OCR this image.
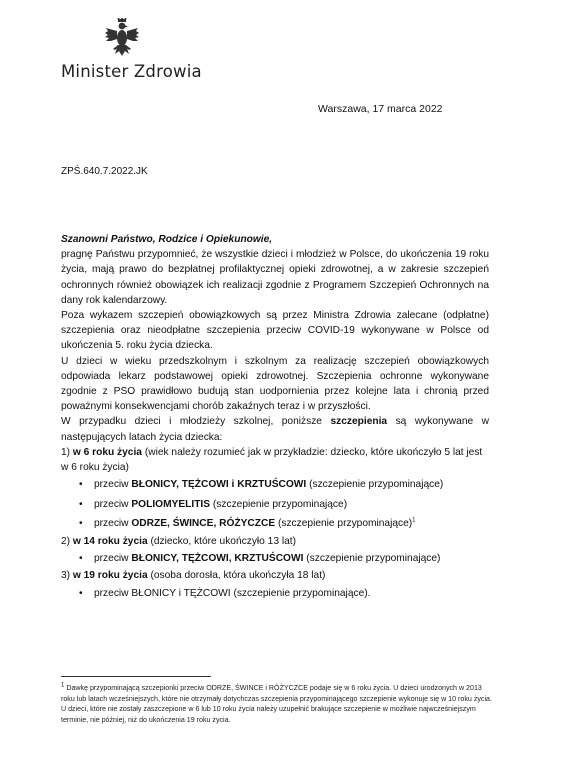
Minister Zdrowia
Warszawa, 17 marca 2022
ZPŚ.640.7.2022.JK

Szanowni Państwo, Rodzice i Opiekunowie,

pragnę Państwu przypomnieć, że wszystkie dzieci i młodzież w Polsce, do ukończenia 19 roku życia, mają prawo do bezpłatnej profilaktycznej opieki zdrowotnej, a w zakresie szczepień ochronnych również obowiązek ich realizacji zgodnie z Programem Szczepień Ochronnych na dany rok kalendarzowy.

Poza wykazem szczepień obowiązkowych są przez Ministra Zdrowia zalecane (odpłatne) szczepienia oraz nieodpłatne szczepienia przeciw COVID-19 wykonywane w Polsce od ukończenia 5. roku życia dziecka.

U dzieci w wieku przedszkolnym i szkolnym za realizację szczepień obowiązkowych odpowiada lekarz podstawowej opieki zdrowotnej. Szczepienia ochronne wykonywane zgodnie z PSO prawidłowo budują stan uodpornienia przez kolejne lata i chronią przed poważnymi konsekwencjami chorób zakaźnych teraz i w przyszłości.

W przypadku dzieci i młodzieży szkolnej, poniższe szczepienia są wykonywane w następujących latach życia dziecka:

1) w 6 roku życia (wiek należy rozumieć jak w przykładzie: dziecko, które ukończyło 5 lat jest w 6 roku życia)

• przeciw BŁONICY, TĘŻCOWI i KRZTUŚCOWI (szczepienie przypominające)
• przeciw POLIOMYELITIS (szczepienie przypominające)
• przeciw ODRZE, ŚWINCE, RÓŻYCZCE (szczepienie przypominające)$^1$

2) w 14 roku życia (dziecko, które ukończyło 13 lat)

• przeciw BŁONICY, TĘŻCOWI, KRZTUŚCOWI (szczepienie przypominające)

3) w 19 roku życia (osoba dorosła, która ukończyła 18 lat)

• przeciw BŁONICY i TĘŻCOWI (szczepienie przypominające).
$^1$ Dawkę przypominającą szczepionki przeciw ODRZE, ŚWINCE i RÓŻYCZCE podaje się w 6 roku życia. U dzieci urodzonych w 2013 roku lub latach wcześniejszych, które nie otrzymały dotychczas szczepienia przypominającego szczepienie wykonuje się w 10 roku życia. U dzieci, które nie zostały zaszczepione w 6 lub 10 roku życia należy uzupełnić brakujące szczepienie w możliwie najwcześniejszym terminie, nie później, niż do ukończenia 19 roku życia.
